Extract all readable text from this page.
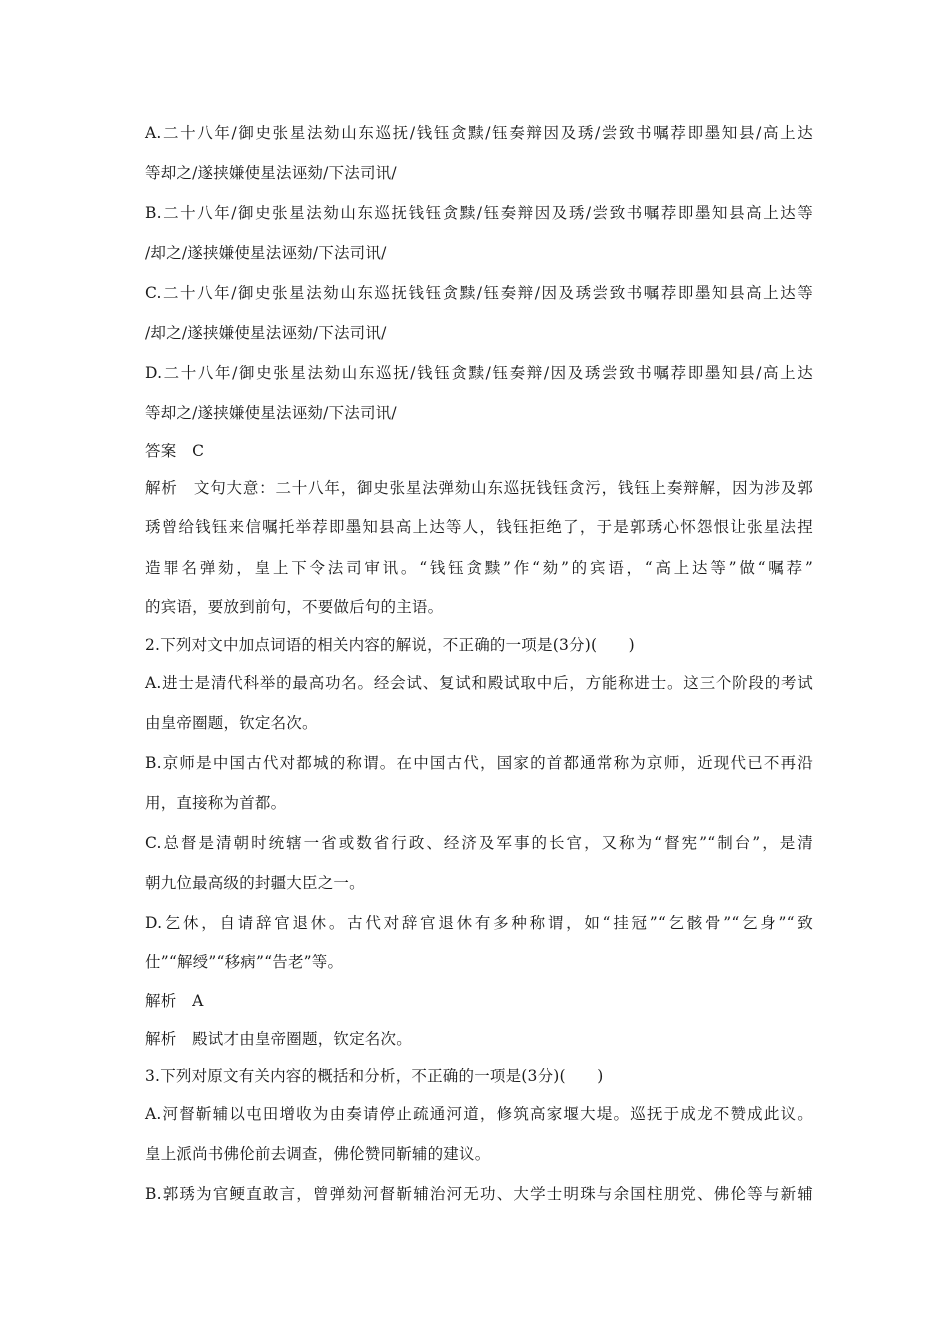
A.二十八年/御史张星法劾山东巡抚/钱钰贪黩/钰奏辩因及琇/尝致书嘱荐即墨知县/高上达
等却之/遂挟嫌使星法诬劾/下法司讯/
B.二十八年/御史张星法劾山东巡抚钱钰贪黩/钰奏辩因及琇/尝致书嘱荐即墨知县高上达等
/却之/遂挟嫌使星法诬劾/下法司讯/
C.二十八年/御史张星法劾山东巡抚钱钰贪黩/钰奏辩/因及琇尝致书嘱荐即墨知县高上达等
/却之/遂挟嫌使星法诬劾/下法司讯/
D.二十八年/御史张星法劾山东巡抚/钱钰贪黩/钰奏辩/因及琇尝致书嘱荐即墨知县/高上达
等却之/遂挟嫌使星法诬劾/下法司讯/
答案　C
解析　文句大意：二十八年，御史张星法弹劾山东巡抚钱钰贪污，钱钰上奏辩解，因为涉及郭
琇曾给钱钰来信嘱托举荐即墨知县高上达等人，钱钰拒绝了，于是郭琇心怀怨恨让张星法捏
造罪名弹劾，皇上下令法司审讯。“钱钰贪黩”作“劾”的宾语，“高上达等”做“嘱荐”
的宾语，要放到前句，不要做后句的主语。
2.下列对文中加点词语的相关内容的解说，不正确的一项是(3分)(　　)
A.进士是清代科举的最高功名。经会试、复试和殿试取中后，方能称进士。这三个阶段的考试
由皇帝圈题，钦定名次。
B.京师是中国古代对都城的称谓。在中国古代，国家的首都通常称为京师，近现代已不再沿
用，直接称为首都。
C.总督是清朝时统辖一省或数省行政、经济及军事的长官，又称为“督宪”“制台”，是清
朝九位最高级的封疆大臣之一。
D.乞休，自请辞官退休。古代对辞官退休有多种称谓，如“挂冠”“乞骸骨”“乞身”“致
仕”“解绶”“移病”“告老”等。
解析　A
解析　殿试才由皇帝圈题，钦定名次。
3.下列对原文有关内容的概括和分析，不正确的一项是(3分)(　　)
A.河督靳辅以屯田增收为由奏请停止疏通河道，修筑高家堰大堤。巡抚于成龙不赞成此议。
皇上派尚书佛伦前去调查，佛伦赞同靳辅的建议。
B.郭琇为官鲠直敢言，曾弹劾河督靳辅治河无功、大学士明珠与余国柱朋党、佛伦等与新辅
